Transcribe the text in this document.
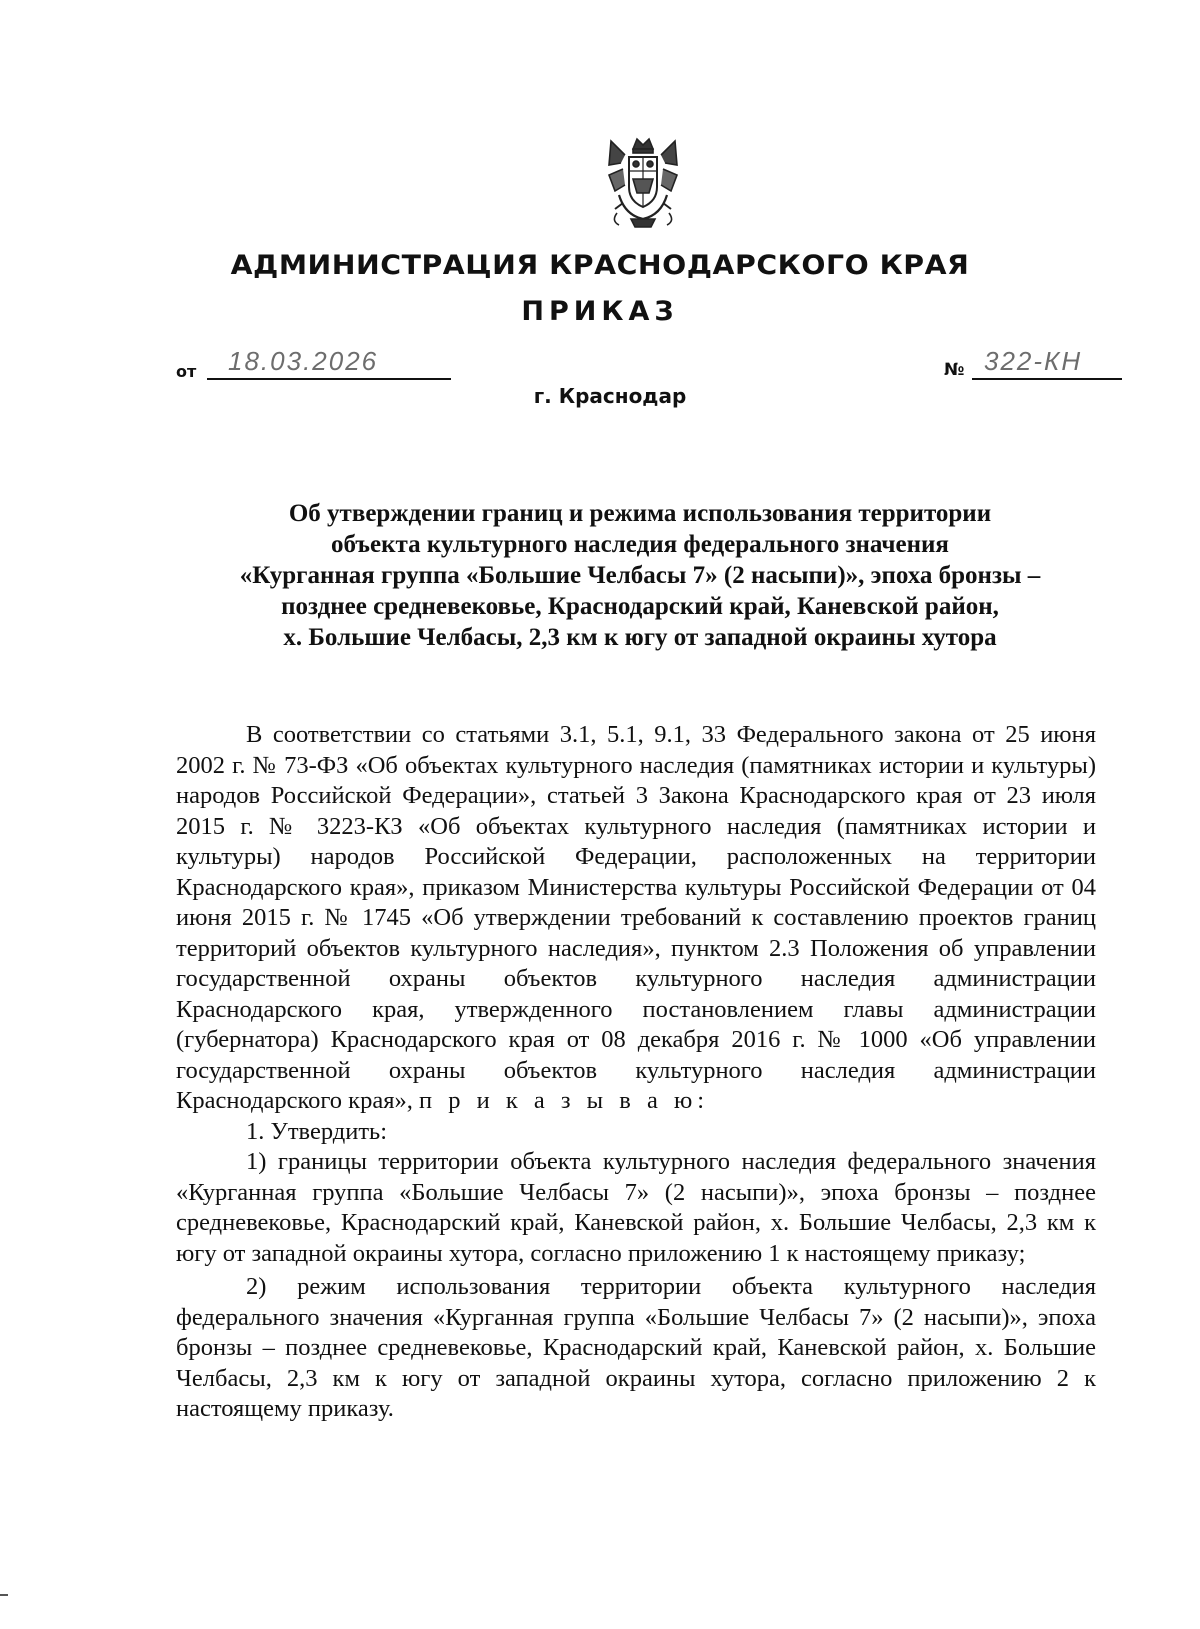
АДМИНИСТРАЦИЯ КРАСНОДАРСКОГО КРАЯ
ПРИКАЗ
от 18.03.2026	№ 322-КН
г. Краснодар
Об утверждении границ и режима использования территории
объекта культурного наследия федерального значения
«Курганная группа «Большие Челбасы 7» (2 насыпи)», эпоха бронзы –
позднее средневековье, Краснодарский край, Каневской район,
х. Большие Челбасы, 2,3 км к югу от западной окраины хутора

В соответствии со статьями 3.1, 5.1, 9.1, 33 Федерального закона от 25 июня 2002 г. № 73-ФЗ «Об объектах культурного наследия (памятниках истории и культуры) народов Российской Федерации», статьей 3 Закона Краснодарского края от 23 июля 2015 г. № 3223-КЗ «Об объектах культурного наследия (памятниках истории и культуры) народов Российской Федерации, расположенных на территории Краснодарского края», приказом Министерства культуры Российской Федерации от 04 июня 2015 г. № 1745 «Об утверждении требований к составлению проектов границ территорий объектов культурного наследия», пунктом 2.3 Положения об управлении государственной охраны объектов культурного наследия администрации Краснодарского края, утвержденного постановлением главы администрации (губернатора) Краснодарского края от 08 декабря 2016 г. № 1000 «Об управлении государственной охраны объектов культурного наследия администрации Краснодарского края», п р и к а з ы в а ю:

1. Утвердить:

1) границы территории объекта культурного наследия федерального значения «Курганная группа «Большие Челбасы 7» (2 насыпи)», эпоха бронзы – позднее средневековье, Краснодарский край, Каневской район, х. Большие Челбасы, 2,3 км к югу от западной окраины хутора, согласно приложению 1 к настоящему приказу;

2) режим использования территории объекта культурного наследия федерального значения «Курганная группа «Большие Челбасы 7» (2 насыпи)», эпоха бронзы – позднее средневековье, Краснодарский край, Каневской район, х. Большие Челбасы, 2,3 км к югу от западной окраины хутора, согласно приложению 2 к настоящему приказу.
